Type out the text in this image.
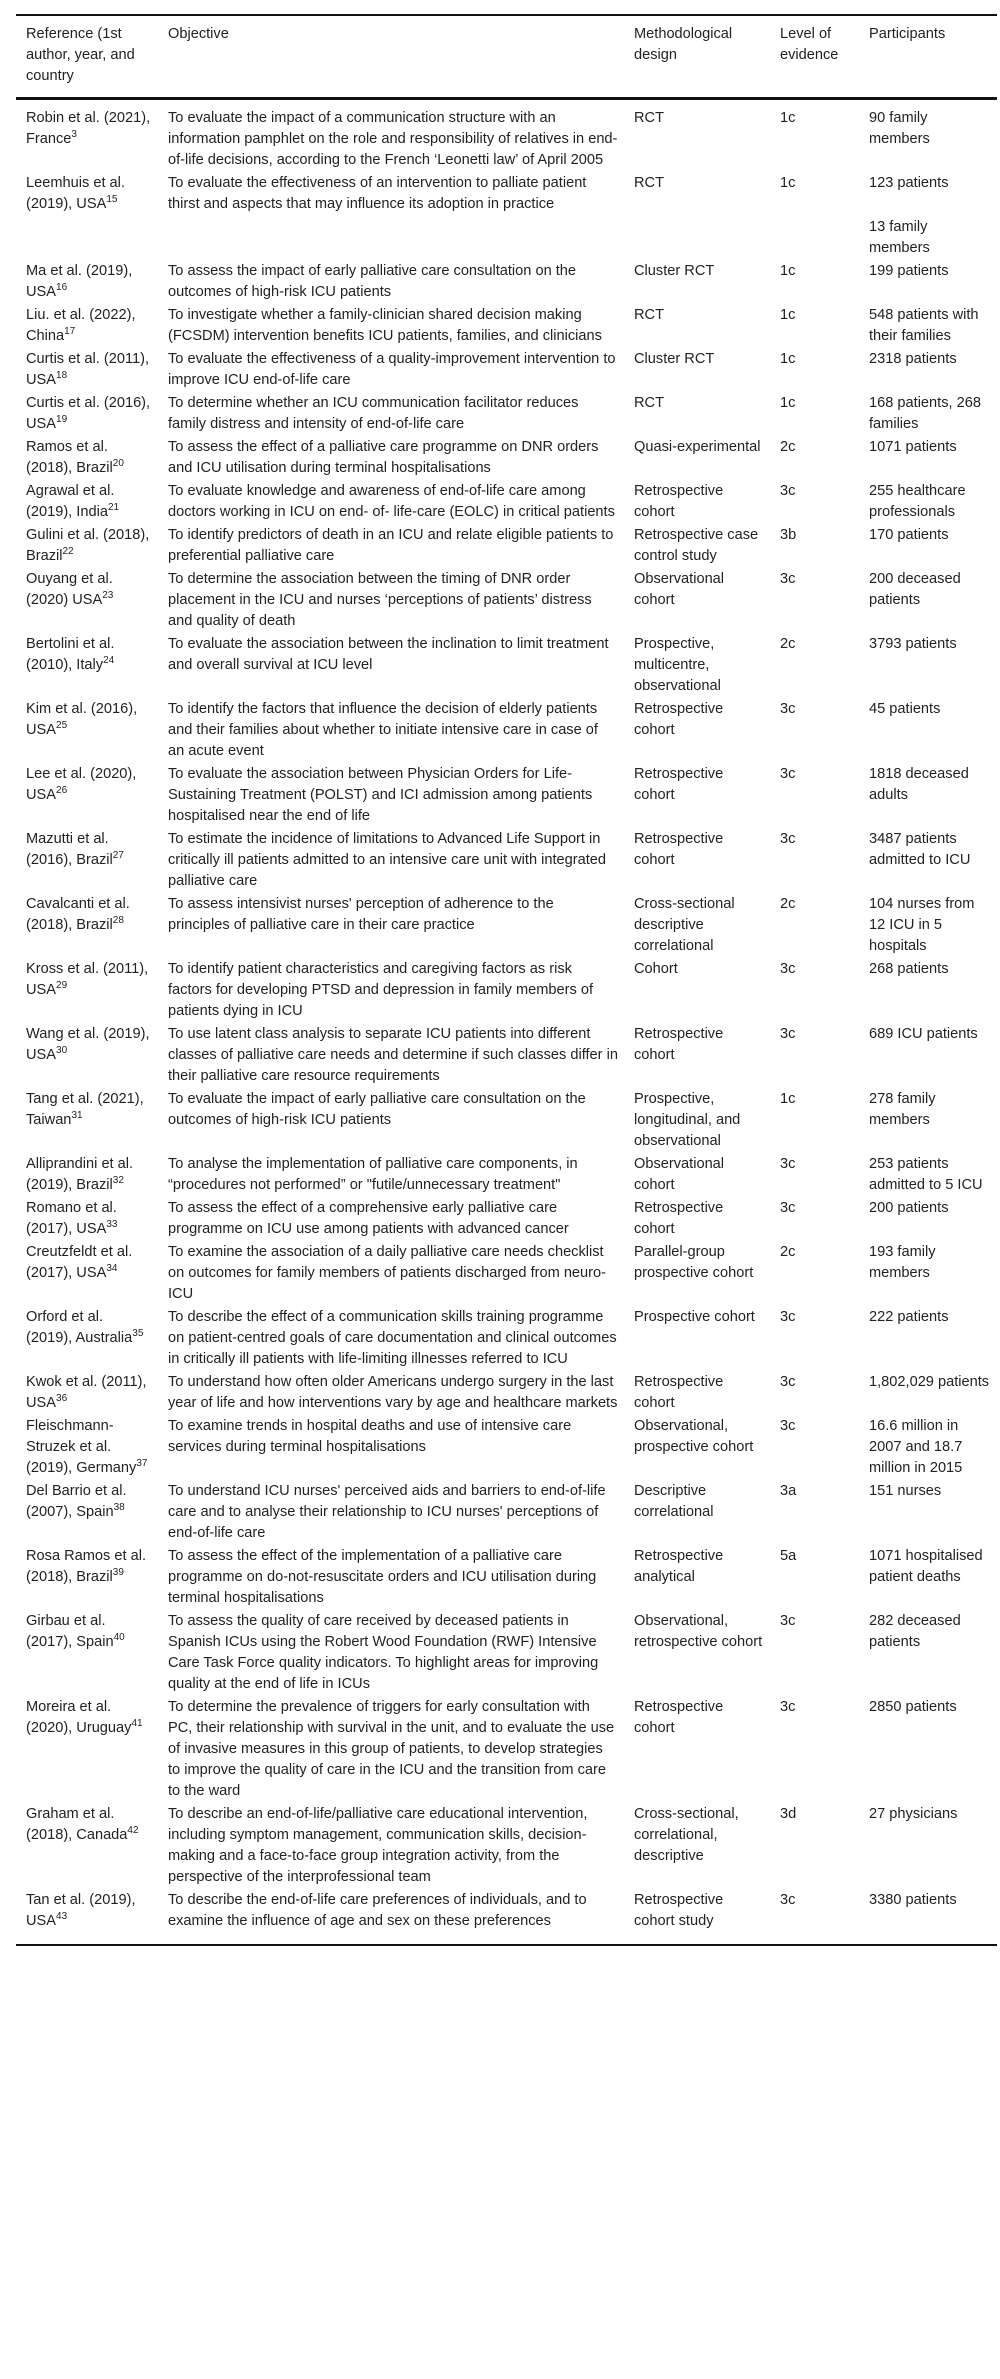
Reference (1st author, year, and country	Objective	Methodological design	Level of evidence	Participants
Robin et al. (2021), France$^3$	To evaluate the impact of a communication structure with an information pamphlet on the role and responsibility of relatives in end-of-life decisions, according to the French ‘Leonetti law’ of April 2005	RCT	1c	90 family members
Leemhuis et al. (2019), USA$^{15}$	To evaluate the effectiveness of an intervention to palliate patient thirst and aspects that may influence its adoption in practice	RCT	1c	123 patients
				13 family members
Ma et al. (2019), USA$^{16}$	To assess the impact of early palliative care consultation on the outcomes of high-risk ICU patients	Cluster RCT	1c	199 patients
Liu. et al. (2022), China$^{17}$	To investigate whether a family-clinician shared decision making (FCSDM) intervention benefits ICU patients, families, and clinicians	RCT	1c	548 patients with their families
Curtis et al. (2011), USA$^{18}$	To evaluate the effectiveness of a quality-improvement intervention to improve ICU end-of-life care	Cluster RCT	1c	2318 patients
Curtis et al. (2016), USA$^{19}$	To determine whether an ICU communication facilitator reduces family distress and intensity of end-of-life care	RCT	1c	168 patients, 268 families
Ramos et al. (2018), Brazil$^{20}$	To assess the effect of a palliative care programme on DNR orders and ICU utilisation during terminal hospitalisations	Quasi-experimental	2c	1071 patients
Agrawal et al. (2019), India$^{21}$	To evaluate knowledge and awareness of end-of-life care among doctors working in ICU on end- of- life-care (EOLC) in critical patients	Retrospective cohort	3c	255 healthcare professionals
Gulini et al. (2018), Brazil$^{22}$	To identify predictors of death in an ICU and relate eligible patients to preferential palliative care	Retrospective case control study	3b	170 patients
Ouyang et al. (2020) USA$^{23}$	To determine the association between the timing of DNR order placement in the ICU and nurses ‘perceptions of patients’ distress and quality of death	Observational cohort	3c	200 deceased patients
Bertolini et al. (2010), Italy$^{24}$	To evaluate the association between the inclination to limit treatment and overall survival at ICU level	Prospective, multicentre, observational	2c	3793 patients
Kim et al. (2016), USA$^{25}$	To identify the factors that influence the decision of elderly patients and their families about whether to initiate intensive care in case of an acute event	Retrospective cohort	3c	45 patients
Lee et al. (2020), USA$^{26}$	To evaluate the association between Physician Orders for Life-Sustaining Treatment (POLST) and ICI admission among patients hospitalised near the end of life	Retrospective cohort	3c	1818 deceased adults
Mazutti et al. (2016), Brazil$^{27}$	To estimate the incidence of limitations to Advanced Life Support in critically ill patients admitted to an intensive care unit with integrated palliative care	Retrospective cohort	3c	3487 patients admitted to ICU
Cavalcanti et al. (2018), Brazil$^{28}$	To assess intensivist nurses' perception of adherence to the principles of palliative care in their care practice	Cross-sectional descriptive correlational	2c	104 nurses from 12 ICU in 5 hospitals
Kross et al. (2011), USA$^{29}$	To identify patient characteristics and caregiving factors as risk factors for developing PTSD and depression in family members of patients dying in ICU	Cohort	3c	268 patients
Wang et al. (2019), USA$^{30}$	To use latent class analysis to separate ICU patients into different classes of palliative care needs and determine if such classes differ in their palliative care resource requirements	Retrospective cohort	3c	689 ICU patients
Tang et al. (2021), Taiwan$^{31}$	To evaluate the impact of early palliative care consultation on the outcomes of high-risk ICU patients	Prospective, longitudinal, and observational	1c	278 family members
Alliprandini et al. (2019), Brazil$^{32}$	To analyse the implementation of palliative care components, in “procedures not performed” or "futile/unnecessary treatment"	Observational cohort	3c	253 patients admitted to 5 ICU
Romano et al. (2017), USA$^{33}$	To assess the effect of a comprehensive early palliative care programme on ICU use among patients with advanced cancer	Retrospective cohort	3c	200 patients
Creutzfeldt et al. (2017), USA$^{34}$	To examine the association of a daily palliative care needs checklist on outcomes for family members of patients discharged from neuro-ICU	Parallel-group prospective cohort	2c	193 family members
Orford et al. (2019), Australia$^{35}$	To describe the effect of a communication skills training programme on patient-centred goals of care documentation and clinical outcomes in critically ill patients with life-limiting illnesses referred to ICU	Prospective cohort	3c	222 patients
Kwok et al. (2011), USA$^{36}$	To understand how often older Americans undergo surgery in the last year of life and how interventions vary by age and healthcare markets	Retrospective cohort	3c	1,802,029 patients
Fleischmann-Struzek et al. (2019), Germany$^{37}$	To examine trends in hospital deaths and use of intensive care services during terminal hospitalisations	Observational, prospective cohort	3c	16.6 million in 2007 and 18.7 million in 2015
Del Barrio et al. (2007), Spain$^{38}$	To understand ICU nurses' perceived aids and barriers to end-of-life care and to analyse their relationship to ICU nurses' perceptions of end-of-life care	Descriptive correlational	3a	151 nurses
Rosa Ramos et al. (2018), Brazil$^{39}$	To assess the effect of the implementation of a palliative care programme on do-not-resuscitate orders and ICU utilisation during terminal hospitalisations	Retrospective analytical	5a	1071 hospitalised patient deaths
Girbau et al. (2017), Spain$^{40}$	To assess the quality of care received by deceased patients in Spanish ICUs using the Robert Wood Foundation (RWF) Intensive Care Task Force quality indicators. To highlight areas for improving quality at the end of life in ICUs	Observational, retrospective cohort	3c	282 deceased patients
Moreira et al. (2020), Uruguay$^{41}$	To determine the prevalence of triggers for early consultation with PC, their relationship with survival in the unit, and to evaluate the use of invasive measures in this group of patients, to develop strategies to improve the quality of care in the ICU and the transition from care to the ward	Retrospective cohort	3c	2850 patients
Graham et al. (2018), Canada$^{42}$	To describe an end-of-life/palliative care educational intervention, including symptom management, communication skills, decision-making and a face-to-face group integration activity, from the perspective of the interprofessional team	Cross-sectional, correlational, descriptive	3d	27 physicians
Tan et al. (2019), USA$^{43}$	To describe the end-of-life care preferences of individuals, and to examine the influence of age and sex on these preferences	Retrospective cohort study	3c	3380 patients
